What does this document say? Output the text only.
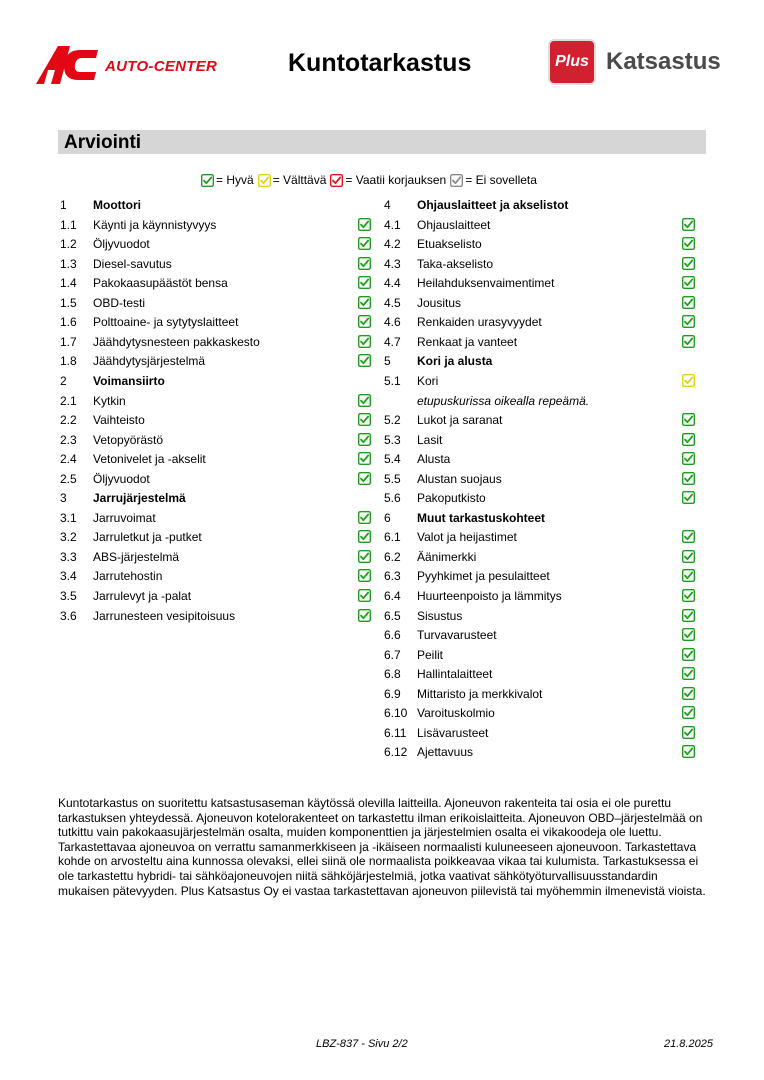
AC
AUTO-CENTER	Kuntotarkastus	Plus Katsastus
Arviointi
= Hyvä = Välttävä = Vaatii korjauksen = Ei sovelleta
1 Moottori
1.1 Käynti ja käynnistyvyys
1.2 Öljyvuodot
1.3 Diesel-savutus
1.4 Pakokaasupäästöt bensa
1.5 OBD-testi
1.6 Polttoaine- ja sytytyslaitteet
1.7 Jäähdytysnesteen pakkaskesto
1.8 Jäähdytysjärjestelmä
2 Voimansiirto
2.1 Kytkin
2.2 Vaihteisto
2.3 Vetopyörästö
2.4 Vetonivelet ja -akselit
2.5 Öljyvuodot
3 Jarrujärjestelmä
3.1 Jarruvoimat
3.2 Jarruletkut ja -putket
3.3 ABS-järjestelmä
3.4 Jarrutehostin
3.5 Jarrulevyt ja -palat
3.6 Jarrunesteen vesipitoisuus
4 Ohjauslaitteet ja akselistot
4.1 Ohjauslaitteet
4.2 Etuakselisto
4.3 Taka-akselisto
4.4 Heilahduksenvaimentimet
4.5 Jousitus
4.6 Renkaiden urasyvyydet
4.7 Renkaat ja vanteet
5 Kori ja alusta
5.1 Kori
etupuskurissa oikealla repeämä.
5.2 Lukot ja saranat
5.3 Lasit
5.4 Alusta
5.5 Alustan suojaus
5.6 Pakoputkisto
6 Muut tarkastuskohteet
6.1 Valot ja heijastimet
6.2 Äänimerkki
6.3 Pyyhkimet ja pesulaitteet
6.4 Huurteenpoisto ja lämmitys
6.5 Sisustus
6.6 Turvavarusteet
6.7 Peilit
6.8 Hallintalaitteet
6.9 Mittaristo ja merkkivalot
6.10 Varoituskolmio
6.11 Lisävarusteet
6.12 Ajettavuus
Kuntotarkastus on suoritettu katsastusaseman käytössä olevilla laitteilla. Ajoneuvon rakenteita tai osia ei ole purettu tarkastuksen yhteydessä. Ajoneuvon kotelorakenteet on tarkastettu ilman erikoislaitteita. Ajoneuvon OBD–järjestelmää on tutkittu vain pakokaasujärjestelmän osalta, muiden komponenttien ja järjestelmien osalta ei vikakoodeja ole luettu. Tarkastettavaa ajoneuvoa on verrattu samanmerkkiseen ja -ikäiseen normaalisti kuluneeseen ajoneuvoon. Tarkastettava kohde on arvosteltu aina kunnossa olevaksi, ellei siinä ole normaalista poikkeavaa vikaa tai kulumista. Tarkastuksessa ei ole tarkastettu hybridi- tai sähköajoneuvojen niitä sähköjärjestelmiä, jotka vaativat sähkötyöturvallisuusstandardin mukaisen pätevyyden. Plus Katsastus Oy ei vastaa tarkastettavan ajoneuvon piilevistä tai myöhemmin ilmenevistä vioista.
LBZ-837 - Sivu 2/2	21.8.2025
